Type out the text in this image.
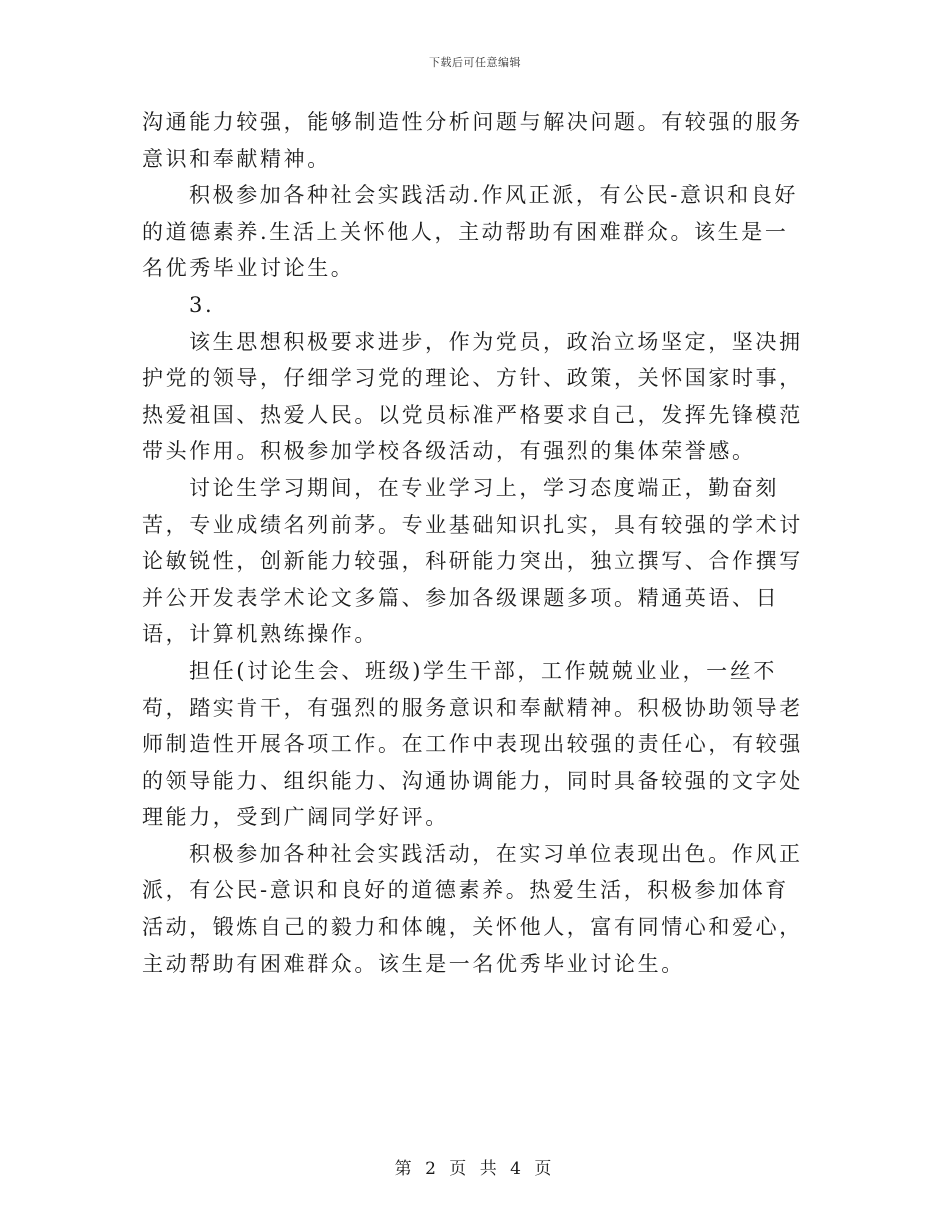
下载后可任意编辑

沟通能力较强，能够制造性分析问题与解决问题。有较强的服务意识和奉献精神。

积极参加各种社会实践活动.作风正派，有公民-意识和良好的道德素养.生活上关怀他人，主动帮助有困难群众。该生是一名优秀毕业讨论生。

3.

该生思想积极要求进步，作为党员，政治立场坚定，坚决拥护党的领导，仔细学习党的理论、方针、政策，关怀国家时事，热爱祖国、热爱人民。以党员标准严格要求自己，发挥先锋模范带头作用。积极参加学校各级活动，有强烈的集体荣誉感。

讨论生学习期间，在专业学习上，学习态度端正，勤奋刻苦，专业成绩名列前茅。专业基础知识扎实，具有较强的学术讨论敏锐性，创新能力较强，科研能力突出，独立撰写、合作撰写并公开发表学术论文多篇、参加各级课题多项。精通英语、日语，计算机熟练操作。

担任(讨论生会、班级)学生干部，工作兢兢业业，一丝不苟，踏实肯干，有强烈的服务意识和奉献精神。积极协助领导老师制造性开展各项工作。在工作中表现出较强的责任心，有较强的领导能力、组织能力、沟通协调能力，同时具备较强的文字处理能力，受到广阔同学好评。

积极参加各种社会实践活动，在实习单位表现出色。作风正派，有公民-意识和良好的道德素养。热爱生活，积极参加体育活动，锻炼自己的毅力和体魄，关怀他人，富有同情心和爱心，主动帮助有困难群众。该生是一名优秀毕业讨论生。

第 2 页 共 4 页
